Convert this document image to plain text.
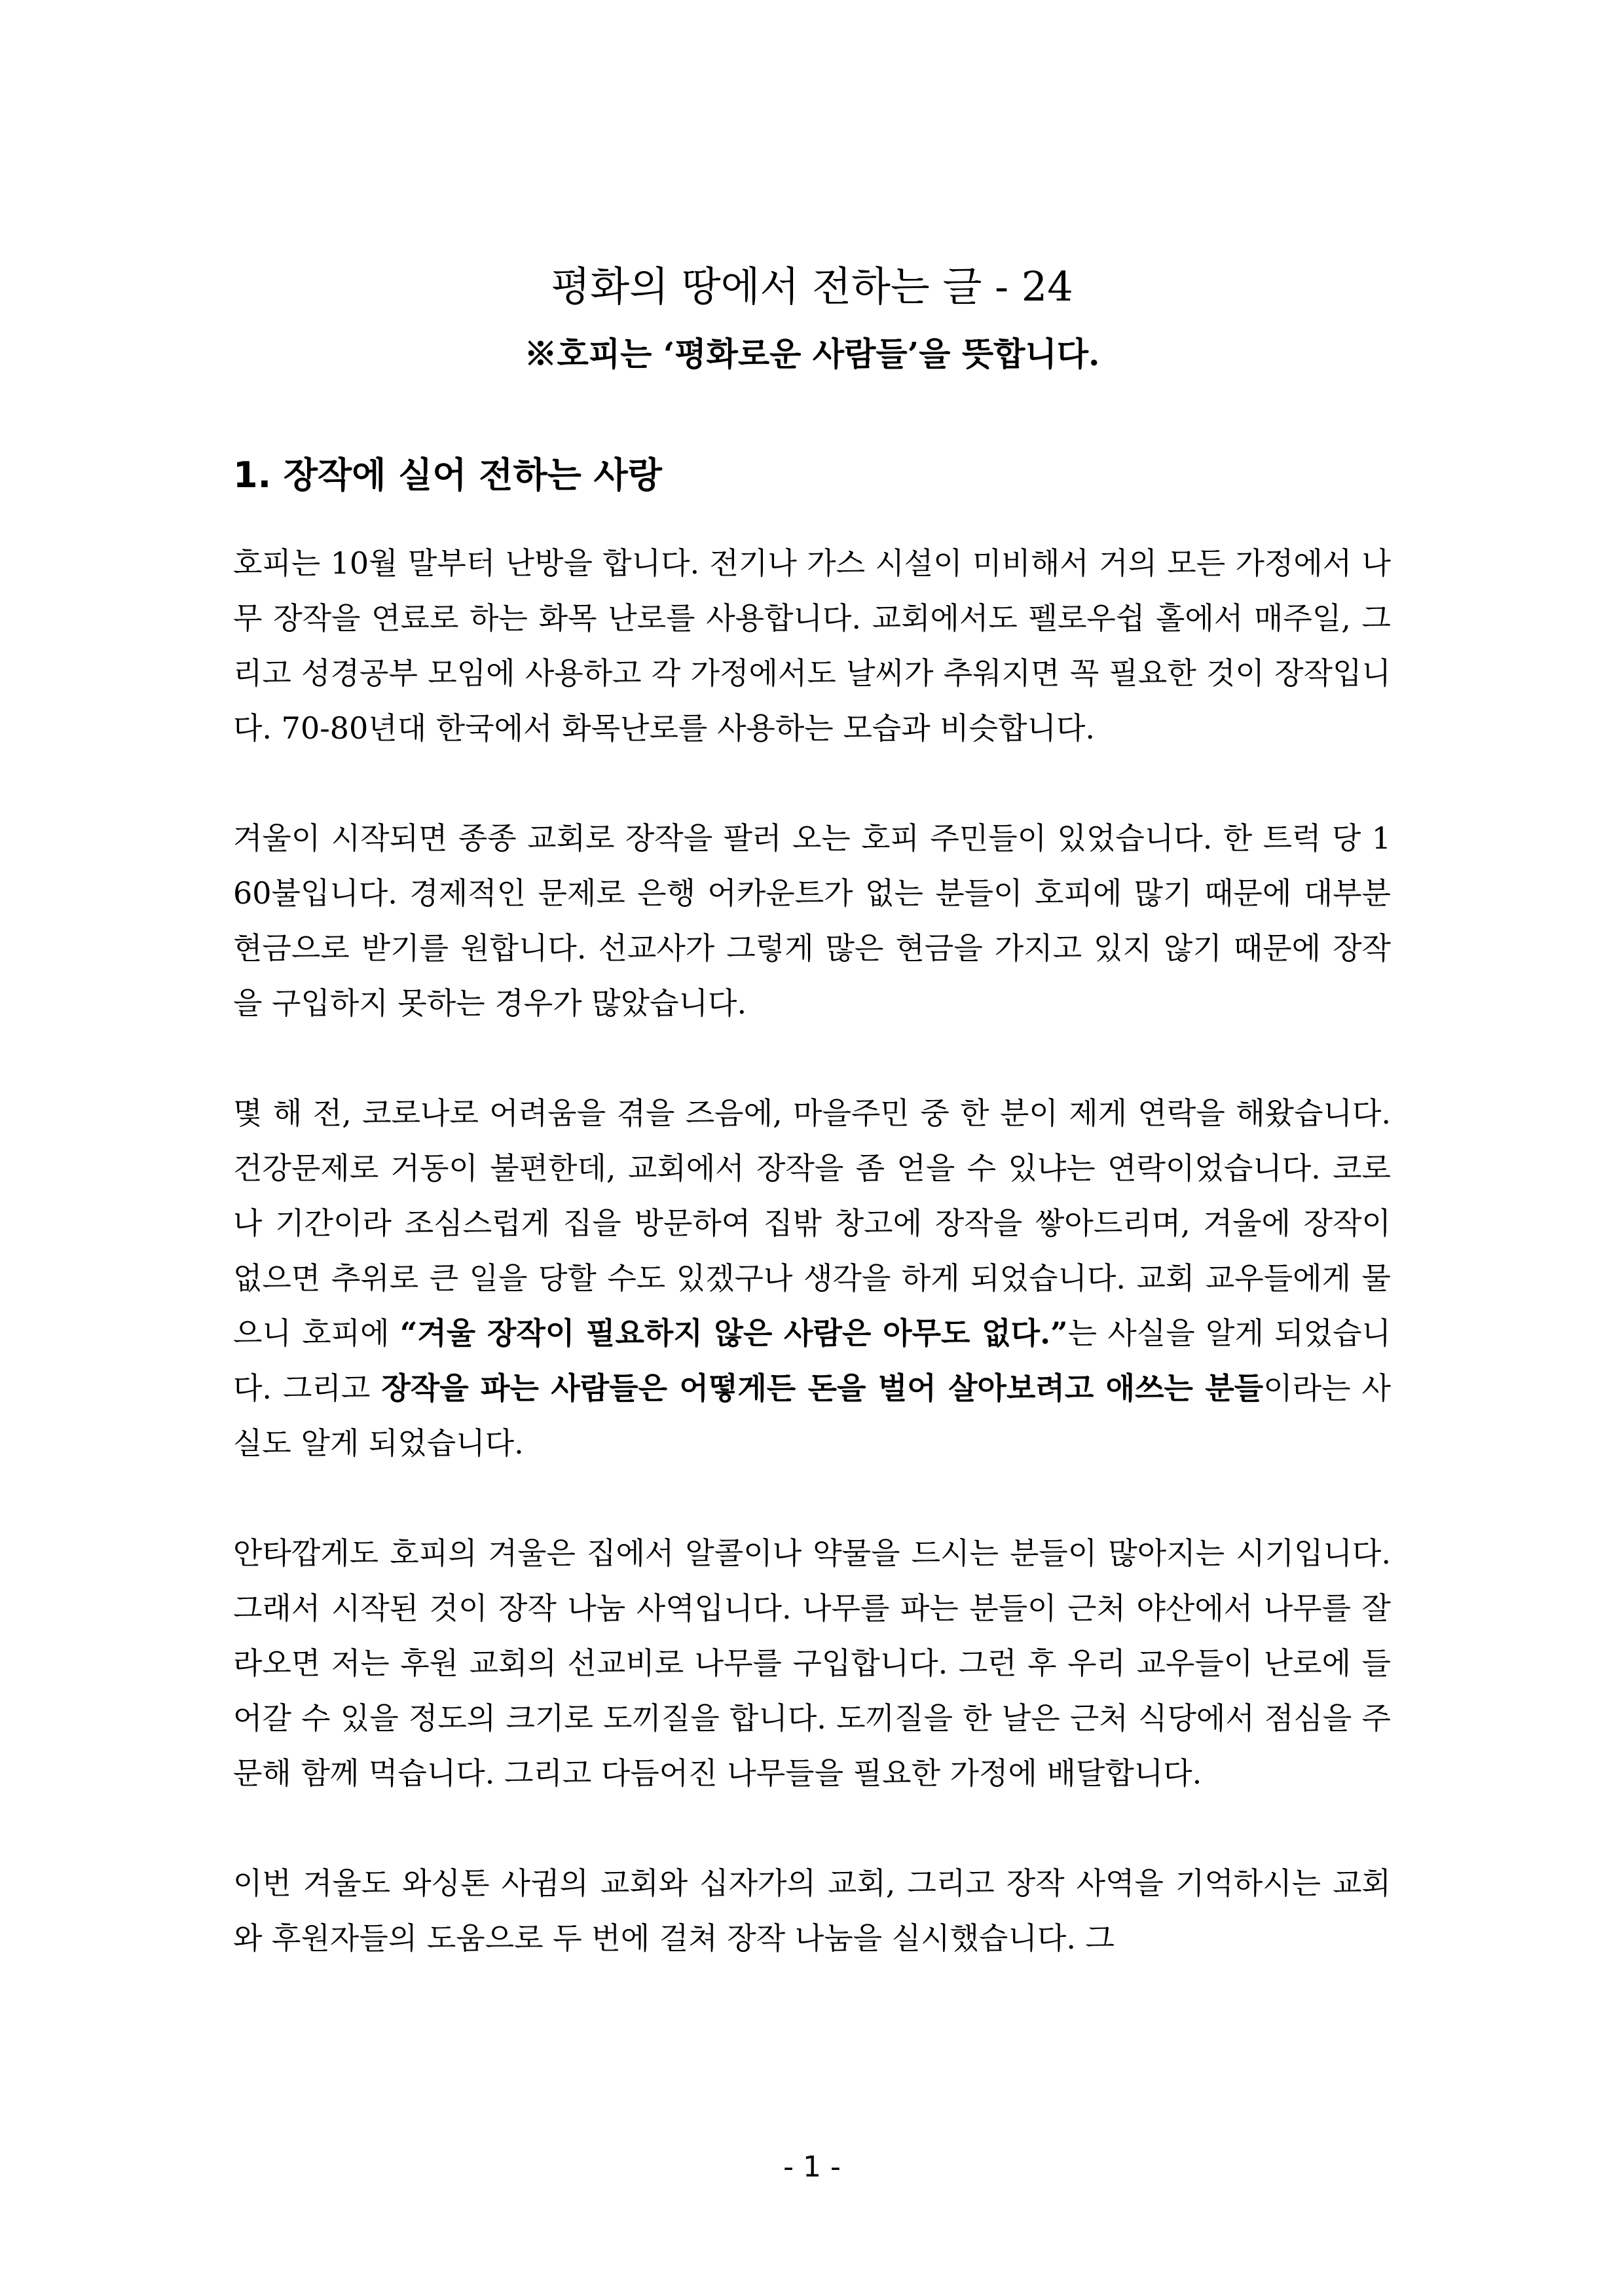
평화의 땅에서 전하는 글 - 24
※호피는 ‘평화로운 사람들’을 뜻합니다.
1. 장작에 실어 전하는 사랑

호피는 10월 말부터 난방을 합니다. 전기나 가스 시설이 미비해서 거의 모든 가정에서 나무 장작을 연료로 하는 화목 난로를 사용합니다. 교회에서도 펠로우쉽 홀에서 매주일, 그리고 성경공부 모임에 사용하고 각 가정에서도 날씨가 추워지면 꼭 필요한 것이 장작입니다. 70-80년대 한국에서 화목난로를 사용하는 모습과 비슷합니다.

겨울이 시작되면 종종 교회로 장작을 팔러 오는 호피 주민들이 있었습니다. 한 트럭 당 160불입니다. 경제적인 문제로 은행 어카운트가 없는 분들이 호피에 많기 때문에 대부분 현금으로 받기를 원합니다. 선교사가 그렇게 많은 현금을 가지고 있지 않기 때문에 장작을 구입하지 못하는 경우가 많았습니다.

몇 해 전, 코로나로 어려움을 겪을 즈음에, 마을주민 중 한 분이 제게 연락을 해왔습니다. 건강문제로 거동이 불편한데, 교회에서 장작을 좀 얻을 수 있냐는 연락이었습니다. 코로나 기간이라 조심스럽게 집을 방문하여 집밖 창고에 장작을 쌓아드리며, 겨울에 장작이 없으면 추위로 큰 일을 당할 수도 있겠구나 생각을 하게 되었습니다. 교회 교우들에게 물으니 호피에 “겨울 장작이 필요하지 않은 사람은 아무도 없다.”는 사실을 알게 되었습니다. 그리고 장작을 파는 사람들은 어떻게든 돈을 벌어 살아보려고 애쓰는 분들이라는 사실도 알게 되었습니다.

안타깝게도 호피의 겨울은 집에서 알콜이나 약물을 드시는 분들이 많아지는 시기입니다. 그래서 시작된 것이 장작 나눔 사역입니다. 나무를 파는 분들이 근처 야산에서 나무를 잘라오면 저는 후원 교회의 선교비로 나무를 구입합니다. 그런 후 우리 교우들이 난로에 들어갈 수 있을 정도의 크기로 도끼질을 합니다. 도끼질을 한 날은 근처 식당에서 점심을 주문해 함께 먹습니다. 그리고 다듬어진 나무들을 필요한 가정에 배달합니다.

이번 겨울도 와싱톤 사귐의 교회와 십자가의 교회, 그리고 장작 사역을 기억하시는 교회와 후원자들의 도움으로 두 번에 걸쳐 장작 나눔을 실시했습니다. 그

- 1 -
